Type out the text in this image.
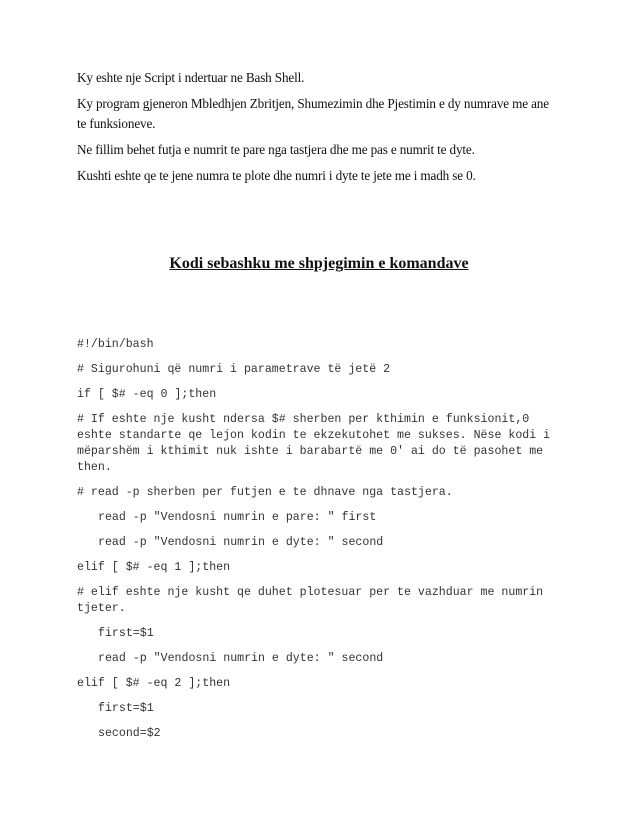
Ky eshte nje Script i ndertuar ne Bash Shell.

Ky program gjeneron Mbledhjen Zbritjen, Shumezimin dhe Pjestimin e dy numrave me ane te funksioneve.

Ne fillim behet futja e numrit te pare nga tastjera dhe me pas e numrit te dyte.

Kushti eshte qe te jene numra te plote dhe numri i dyte te jete me i madh se 0.

Kodi sebashku me shpjegimin e komandave

#!/bin/bash

# Sigurohuni që numri i parametrave të jetë 2

if [ $# -eq 0 ];then

# If eshte nje kusht ndersa $# sherben per kthimin e funksionit,0 eshte standarte qe lejon kodin te ekzekutohet me sukses. Nëse kodi i mëparshëm i kthimit nuk ishte i barabartë me 0' ai do të pasohet me then.

# read -p sherben per futjen e te dhnave nga tastjera.

read -p "Vendosni numrin e pare: " first

read -p "Vendosni numrin e dyte: " second

elif [ $# -eq 1 ];then

# elif eshte nje kusht qe duhet plotesuar per te vazhduar me numrin tjeter.

first=$1

read -p "Vendosni numrin e dyte: " second

elif [ $# -eq 2 ];then

first=$1

second=$2
